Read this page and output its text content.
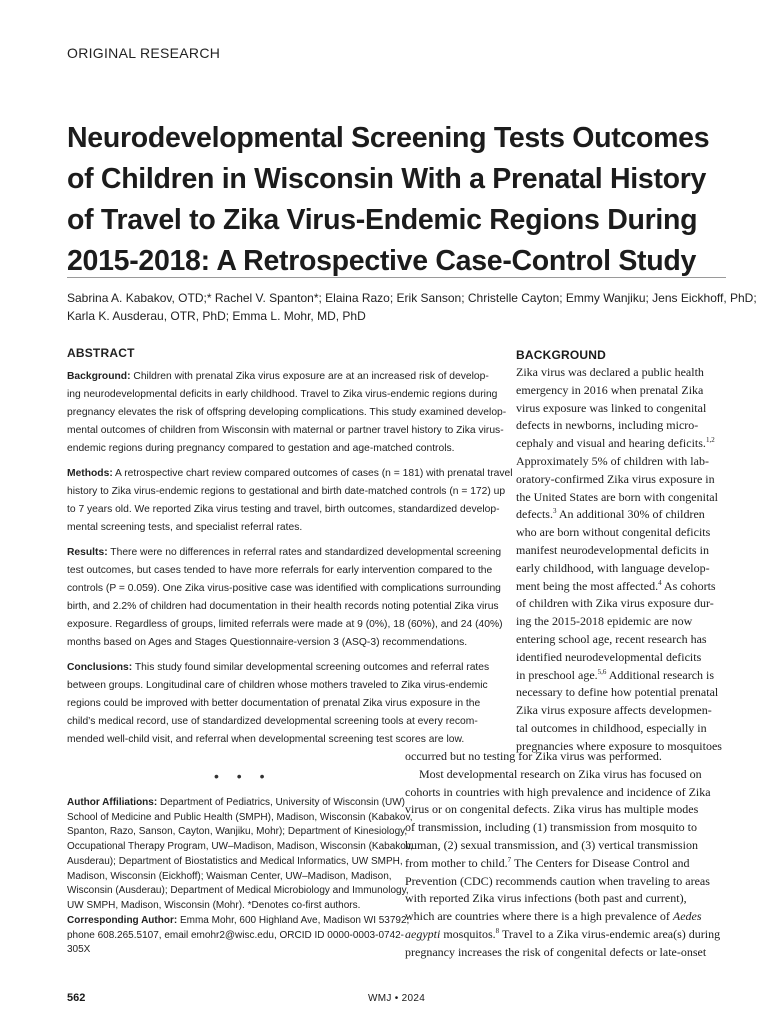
ORIGINAL RESEARCH
Neurodevelopmental Screening Tests Outcomes
of Children in Wisconsin With a Prenatal History
of Travel to Zika Virus-Endemic Regions During
2015-2018: A Retrospective Case-Control Study
Sabrina A. Kabakov, OTD;* Rachel V. Spanton*; Elaina Razo; Erik Sanson; Christelle Cayton; Emmy Wanjiku; Jens Eickhoff, PhD;
Karla K. Ausderau, OTR, PhD; Emma L. Mohr, MD, PhD
ABSTRACT

Background: Children with prenatal Zika virus exposure are at an increased risk of develop-
ing neurodevelopmental deficits in early childhood. Travel to Zika virus-endemic regions during
pregnancy elevates the risk of offspring developing complications. This study examined develop-
mental outcomes of children from Wisconsin with maternal or partner travel history to Zika virus-
endemic regions during pregnancy compared to gestation and age-matched controls.

Methods: A retrospective chart review compared outcomes of cases (n = 181) with prenatal travel
history to Zika virus-endemic regions to gestational and birth date-matched controls (n = 172) up
to 7 years old. We reported Zika virus testing and travel, birth outcomes, standardized develop-
mental screening tests, and specialist referral rates.

Results: There were no differences in referral rates and standardized developmental screening
test outcomes, but cases tended to have more referrals for early intervention compared to the
controls (P = 0.059). One Zika virus-positive case was identified with complications surrounding
birth, and 2.2% of children had documentation in their health records noting potential Zika virus
exposure. Regardless of groups, limited referrals were made at 9 (0%), 18 (60%), and 24 (40%)
months based on Ages and Stages Questionnaire-version 3 (ASQ-3) recommendations.

Conclusions: This study found similar developmental screening outcomes and referral rates
between groups. Longitudinal care of children whose mothers traveled to Zika virus-endemic
regions could be improved with better documentation of prenatal Zika virus exposure in the
child’s medical record, use of standardized developmental screening tools at every recom-
mended well-child visit, and referral when developmental screening test scores are low.

• • •
Author Affiliations: Department of Pediatrics, University of Wisconsin (UW)
School of Medicine and Public Health (SMPH), Madison, Wisconsin (Kabakov,
Spanton, Razo, Sanson, Cayton, Wanjiku, Mohr); Department of Kinesiology,
Occupational Therapy Program, UW–Madison, Madison, Wisconsin (Kabakov,
Ausderau); Department of Biostatistics and Medical Informatics, UW SMPH,
Madison, Wisconsin (Eickhoff); Waisman Center, UW–Madison, Madison,
Wisconsin (Ausderau); Department of Medical Microbiology and Immunology,
UW SMPH, Madison, Wisconsin (Mohr). *Denotes co-first authors.
Corresponding Author: Emma Mohr, 600 Highland Ave, Madison WI 53792,
phone 608.265.5107, email emohr2@wisc.edu, ORCID ID 0000-0003-0742-
305X
BACKGROUND
Zika virus was declared a public health
emergency in 2016 when prenatal Zika
virus exposure was linked to congenital
defects in newborns, including micro-
cephaly and visual and hearing deficits.$^{1,2}$
Approximately 5% of children with lab-
oratory-confirmed Zika virus exposure in
the United States are born with congenital
defects.$^3$ An additional 30% of children
who are born without congenital deficits
manifest neurodevelopmental deficits in
early childhood, with language develop-
ment being the most affected.$^4$ As cohorts
of children with Zika virus exposure dur-
ing the 2015-2018 epidemic are now
entering school age, recent research has
identified neurodevelopmental deficits
in preschool age.$^{5,6}$ Additional research is
necessary to define how potential prenatal
Zika virus exposure affects developmen-
tal outcomes in childhood, especially in
pregnancies where exposure to mosquitoes
occurred but no testing for Zika virus was performed.
Most developmental research on Zika virus has focused on
cohorts in countries with high prevalence and incidence of Zika
virus or on congenital defects. Zika virus has multiple modes
of transmission, including (1) transmission from mosquito to
human, (2) sexual transmission, and (3) vertical transmission
from mother to child.$^7$ The Centers for Disease Control and
Prevention (CDC) recommends caution when traveling to areas
with reported Zika virus infections (both past and current),
which are countries where there is a high prevalence of Aedes
aegypti mosquitos.$^8$ Travel to a Zika virus-endemic area(s) during
pregnancy increases the risk of congenital defects or late-onset
562	WMJ • 2024
